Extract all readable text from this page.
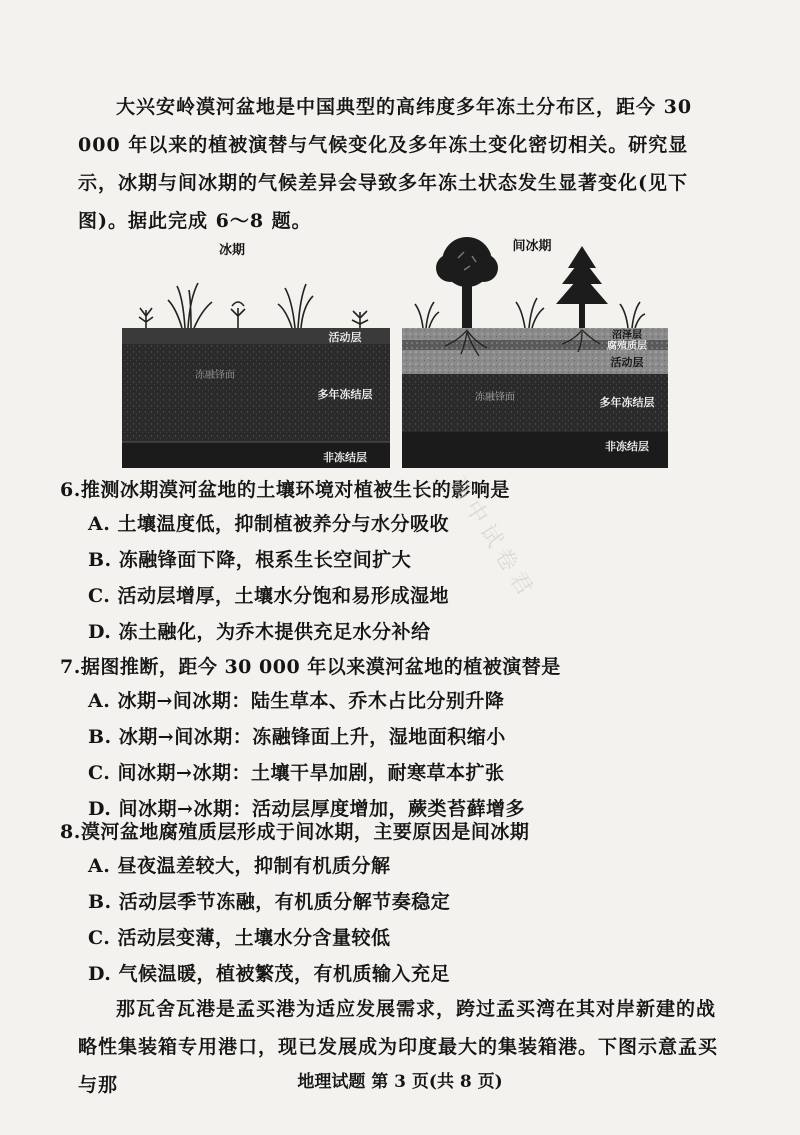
大兴安岭漠河盆地是中国典型的高纬度多年冻土分布区，距今 30 000 年以来的植被演替与气候变化及多年冻土变化密切相关。研究显示，冰期与间冰期的气候差异会导致多年冻土状态发生显著变化(见下图)。据此完成 6～8 题。
冰期
活动层
冻融锋面
多年冻结层
非冻结层
间冰期
沼泽层
腐殖质层
活动层
冻融锋面	多年冻结层
非冻结层
6.推测冰期漠河盆地的土壤环境对植被生长的影响是
A. 土壤温度低，抑制植被养分与水分吸收
B. 冻融锋面下降，根系生长空间扩大
C. 活动层增厚，土壤水分饱和易形成湿地
D. 冻土融化，为乔木提供充足水分补给
7.据图推断，距今 30 000 年以来漠河盆地的植被演替是
A. 冰期→间冰期：陆生草本、乔木占比分别升降
B. 冰期→间冰期：冻融锋面上升，湿地面积缩小
C. 间冰期→冰期：土壤干旱加剧，耐寒草本扩张
D. 间冰期→冰期：活动层厚度增加，蕨类苔藓增多
8.漠河盆地腐殖质层形成于间冰期，主要原因是间冰期
A. 昼夜温差较大，抑制有机质分解
B. 活动层季节冻融，有机质分解节奏稳定
C. 活动层变薄，土壤水分含量较低
D. 气候温暖，植被繁茂，有机质输入充足
高中试卷君
那瓦舍瓦港是孟买港为适应发展需求，跨过孟买湾在其对岸新建的战略性集装箱专用港口，现已发展成为印度最大的集装箱港。下图示意孟买与那	地理试题 第 3 页(共 8 页)
